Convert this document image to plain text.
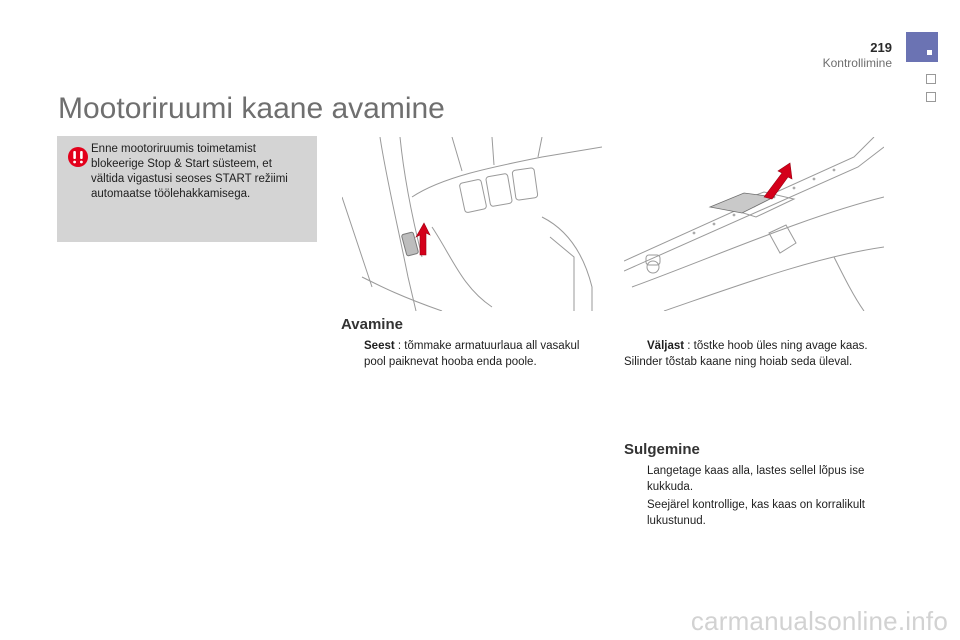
219
Kontrollimine
Mootoriruumi kaane avamine
Enne mootoriruumis toimetamist blokeerige Stop & Start süsteem, et vältida vigastusi seoses START režiimi automaatse töölehakkamisega.
Avamine
Seest : tõmmake armatuurlaua all vasakul pool paiknevat hooba enda poole.
Väljast : tõstke hoob üles ning avage kaas.
Silinder tõstab kaane ning hoiab seda üleval.
Sulgemine
Langetage kaas alla, lastes sellel lõpus ise kukkuda.
Seejärel kontrollige, kas kaas on korralikult lukustunud.
carmanualsonline.info
